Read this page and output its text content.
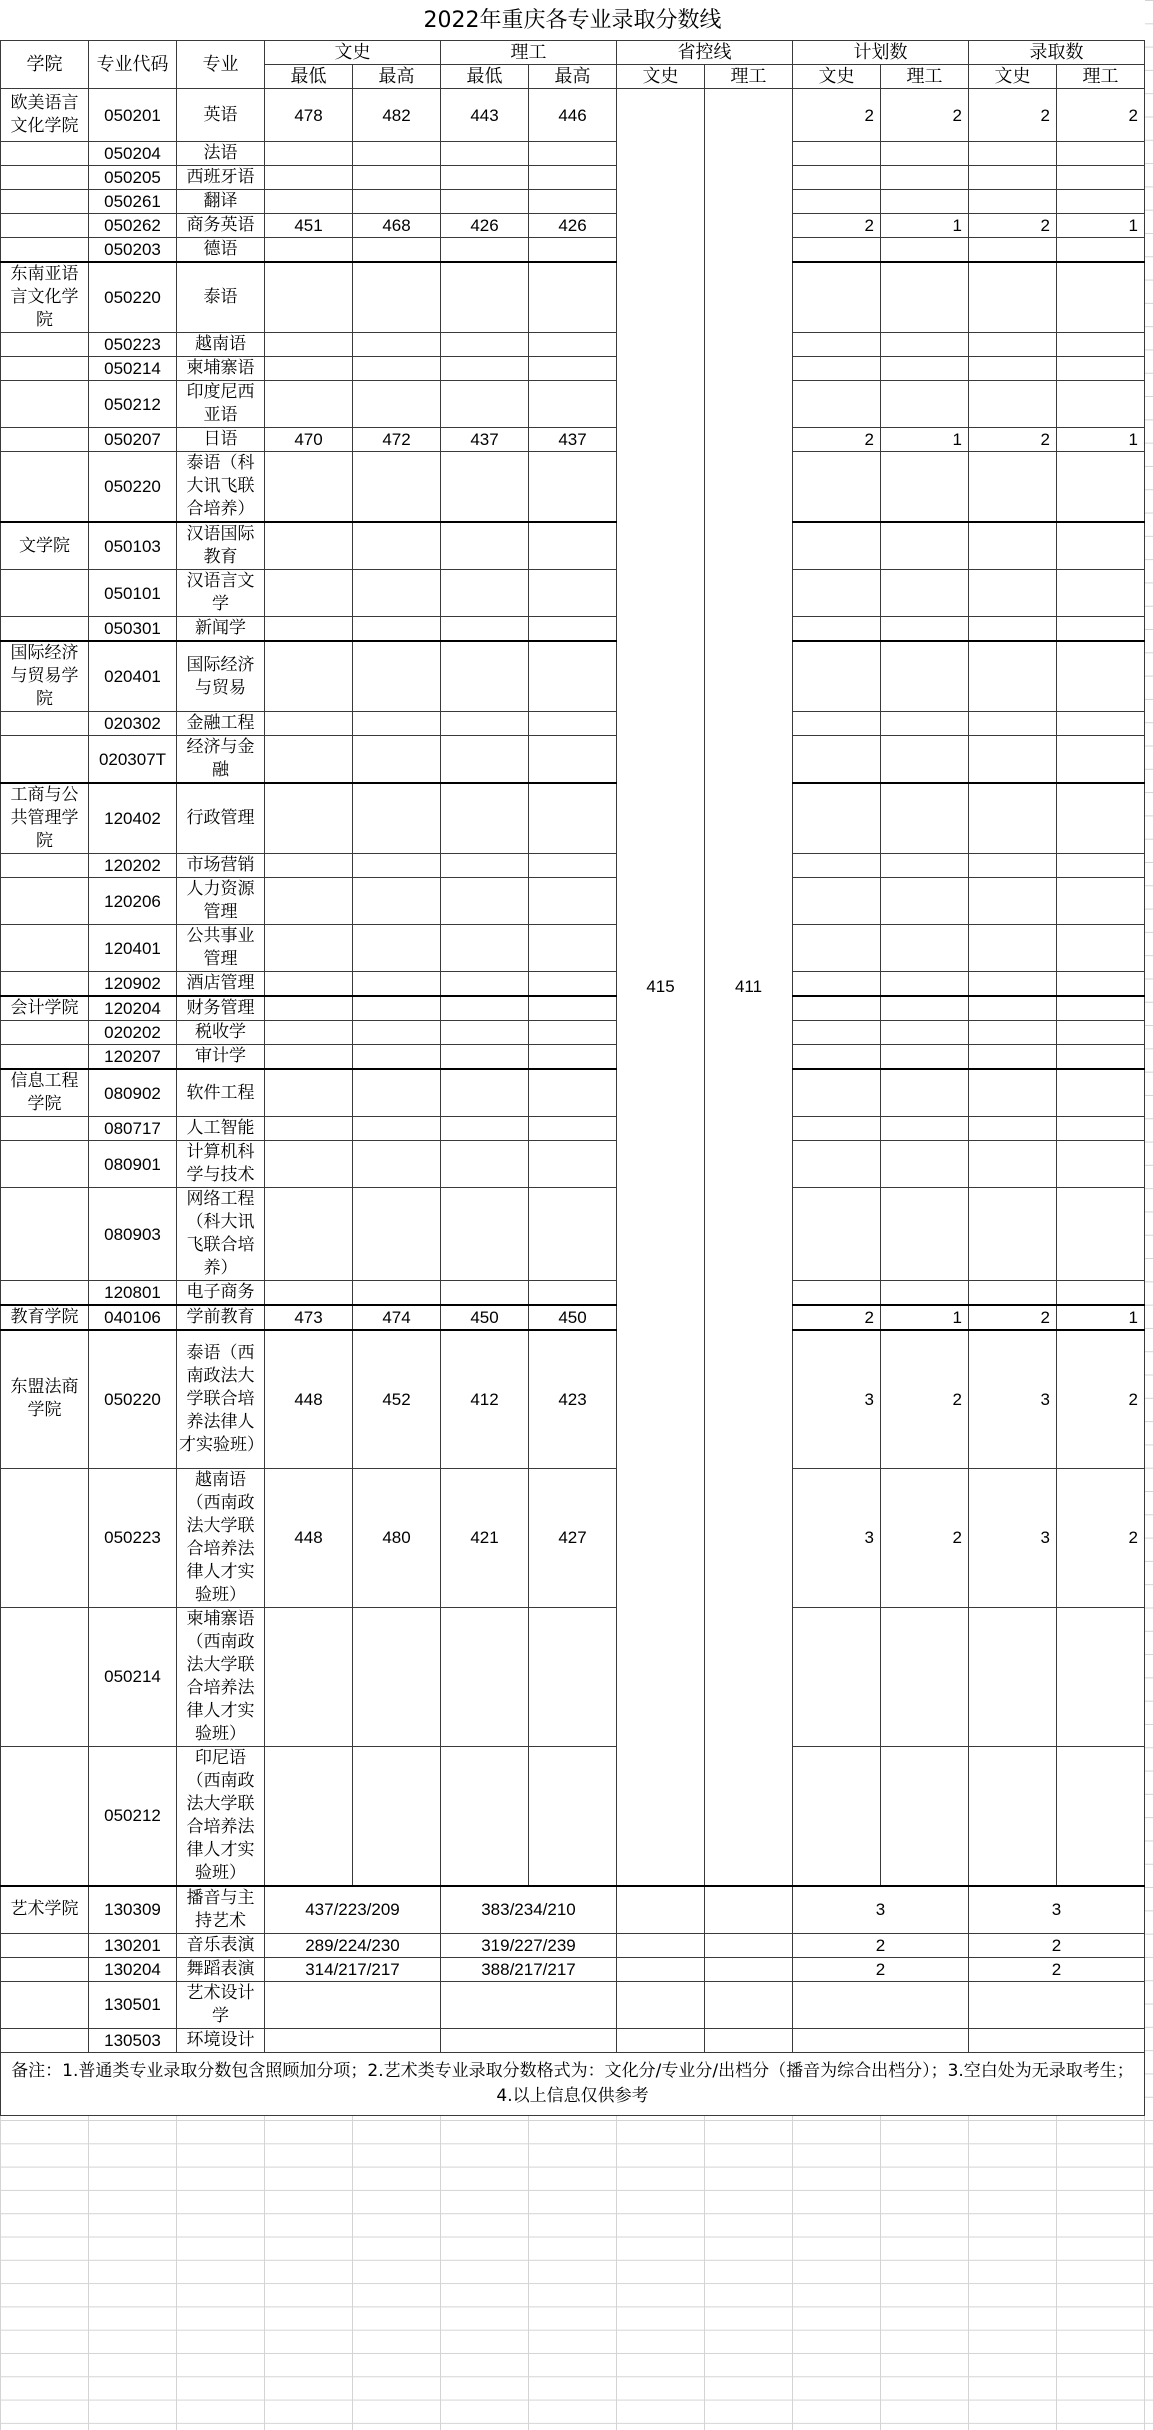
2022年重庆各专业录取分数线												
学院	专业代码	专业	文史		理工		省控线		计划数		录取数	
			最低	最高	最低	最高	文史	理工	文史	理工	文史	理工
欧美语言文化学院	050201	英语	478	482	443	446	415	411	2	2	2	2
	050204	法语										
	050205	西班牙语										
	050261	翻译										
	050262	商务英语	451	468	426	426			2	1	2	1
	050203	德语										
东南亚语言文化学院	050220	泰语										
	050223	越南语										
	050214	柬埔寨语										
	050212	印度尼西亚语										
	050207	日语	470	472	437	437			2	1	2	1
	050220	泰语（科大讯飞联合培养）										
文学院	050103	汉语国际教育										
	050101	汉语言文学										
	050301	新闻学										
国际经济与贸易学院	020401	国际经济与贸易										
	020302	金融工程										
	020307T	经济与金融										
工商与公共管理学院	120402	行政管理										
	120202	市场营销										
	120206	人力资源管理										
	120401	公共事业管理										
	120902	酒店管理										
会计学院	120204	财务管理										
	020202	税收学										
	120207	审计学										
信息工程学院	080902	软件工程										
	080717	人工智能										
	080901	计算机科学与技术										
	080903	网络工程（科大讯飞联合培养）										
	120801	电子商务										
教育学院	040106	学前教育	473	474	450	450			2	1	2	1
东盟法商学院	050220	泰语（西南政法大学联合培养法律人才实验班）	448	452	412	423			3	2	3	2
	050223	越南语（西南政法大学联合培养法律人才实验班）	448	480	421	427			3	2	3	2
	050214	柬埔寨语（西南政法大学联合培养法律人才实验班）										
	050212	印尼语（西南政法大学联合培养法律人才实验班）										
艺术学院	130309	播音与主持艺术	437/223/209		383/234/210				3		3	
	130201	音乐表演	289/224/230		319/227/239				2		2	
	130204	舞蹈表演	314/217/217		388/217/217				2		2	
	130501	艺术设计学										
	130503	环境设计										
备注：1.普通类专业录取分数包含照顾加分项；2.艺术类专业录取分数格式为：文化分/专业分/出档分（播音为综合出档分）；3.空白处为无录取考生；4.以上信息仅供参考												
